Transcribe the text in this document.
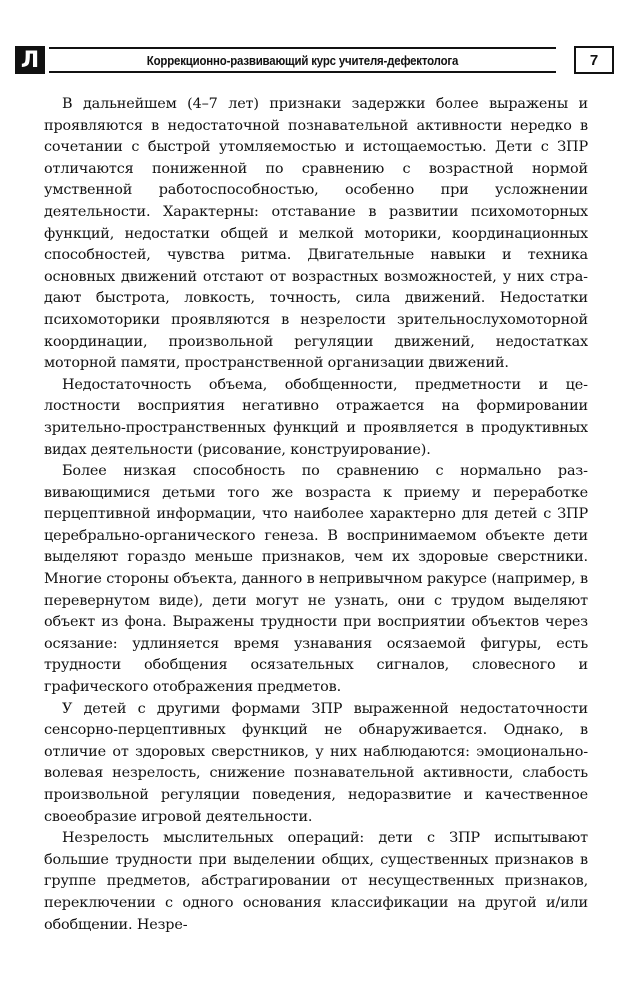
Л	Коррекционно-развивающий курс учителя-дефектолога	7

В дальнейшем (4–7 лет) признаки задержки более выражены и проявляются в недостаточной познавательной активности нередко в сочетании с быстрой утомляемостью и истощаемостью. Дети с ЗПР отличаются пониженной по сравнению с возрастной нормой умственной работоспособностью, особенно при усложнении деятельности. Характерны: отставание в развитии психомоторных функций, недостатки общей и мелкой моторики, координационных способностей, чувства ритма. Двигательные навыки и техника основных движений отстают от возрастных возможностей, у них страдают быстрота, ловкость, точность, сила движений. Недостатки психомоторики проявляются в незрелости зрительнослухомоторной координации, произвольной регуляции движений, недостатках моторной памяти, пространственной организации движений.

Недостаточность объема, обобщенности, предметности и целостности восприятия негативно отражается на формировании зрительно-пространственных функций и проявляется в продуктивных видах деятельности (рисование, конструирование).

Более низкая способность по сравнению с нормально развивающимися детьми того же возраста к приему и переработке перцептивной информации, что наиболее характерно для детей с ЗПР церебрально-органического генеза. В воспринимаемом объекте дети выделяют гораздо меньше признаков, чем их здоровые сверстники. Многие стороны объекта, данного в непривычном ракурсе (например, в перевернутом виде), дети могут не узнать, они с трудом выделяют объект из фона. Выражены трудности при восприятии объектов через осязание: удлиняется время узнавания осязаемой фигуры, есть трудности обобщения осязательных сигналов, словесного и графического отображения предметов.

У детей с другими формами ЗПР выраженной недостаточности сенсорно-перцептивных функций не обнаруживается. Однако, в отличие от здоровых сверстников, у них наблюдаются: эмоционально-волевая незрелость, снижение познавательной активности, слабость произвольной регуляции поведения, недоразвитие и качественное своеобразие игровой деятельности.

Незрелость мыслительных операций: дети с ЗПР испытывают большие трудности при выделении общих, существенных признаков в группе предметов, абстрагировании от несущественных признаков, переключении с одного основания классификации на другой и/или обобщении. Незре-
